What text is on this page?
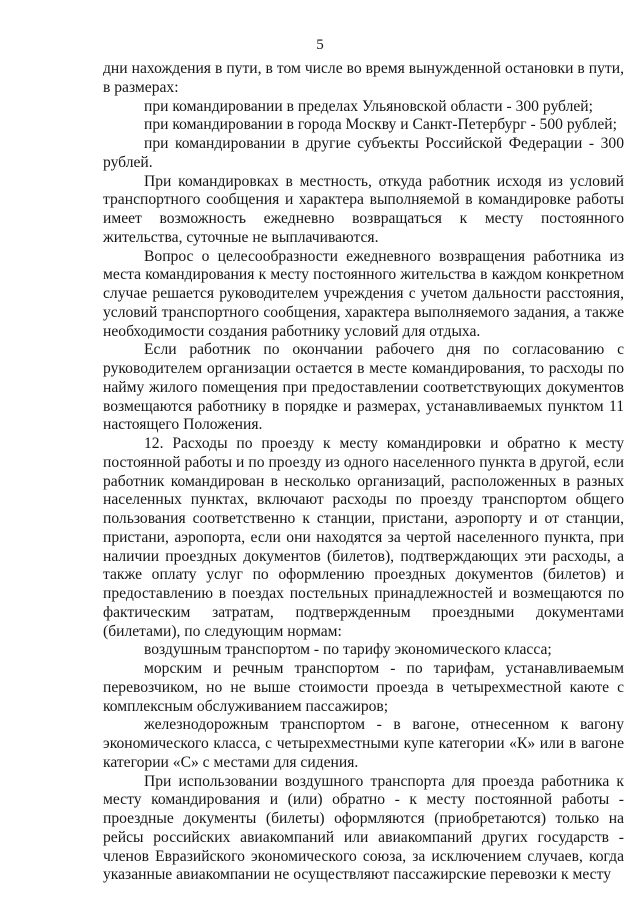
5

дни нахождения в пути, в том числе во время вынужденной остановки в пути, в размерах:

при командировании в пределах Ульяновской области - 300 рублей;

при командировании в города Москву и Санкт-Петербург - 500 рублей;

при командировании в другие субъекты Российской Федерации - 300 рублей.

При командировках в местность, откуда работник исходя из условий транспортного сообщения и характера выполняемой в командировке работы имеет возможность ежедневно возвращаться к месту постоянного жительства, суточные не выплачиваются.

Вопрос о целесообразности ежедневного возвращения работника из места командирования к месту постоянного жительства в каждом конкретном случае решается руководителем учреждения с учетом дальности расстояния, условий транспортного сообщения, характера выполняемого задания, а также необходимости создания работнику условий для отдыха.

Если работник по окончании рабочего дня по согласованию с руководителем организации остается в месте командирования, то расходы по найму жилого помещения при предоставлении соответствующих документов возмещаются работнику в порядке и размерах, устанавливаемых пунктом 11 настоящего Положения.

12. Расходы по проезду к месту командировки и обратно к месту постоянной работы и по проезду из одного населенного пункта в другой, если работник командирован в несколько организаций, расположенных в разных населенных пунктах, включают расходы по проезду транспортом общего пользования соответственно к станции, пристани, аэропорту и от станции, пристани, аэропорта, если они находятся за чертой населенного пункта, при наличии проездных документов (билетов), подтверждающих эти расходы, а также оплату услуг по оформлению проездных документов (билетов) и предоставлению в поездах постельных принадлежностей и возмещаются по фактическим затратам, подтвержденным проездными документами (билетами), по следующим нормам:

воздушным транспортом - по тарифу экономического класса;

морским и речным транспортом - по тарифам, устанавливаемым перевозчиком, но не выше стоимости проезда в четырехместной каюте с комплексным обслуживанием пассажиров;

железнодорожным транспортом - в вагоне, отнесенном к вагону экономического класса, с четырехместными купе категории «К» или в вагоне категории «С» с местами для сидения.

При использовании воздушного транспорта для проезда работника к месту командирования и (или) обратно - к месту постоянной работы - проездные документы (билеты) оформляются (приобретаются) только на рейсы российских авиакомпаний или авиакомпаний других государств - членов Евразийского экономического союза, за исключением случаев, когда указанные авиакомпании не осуществляют пассажирские перевозки к месту
